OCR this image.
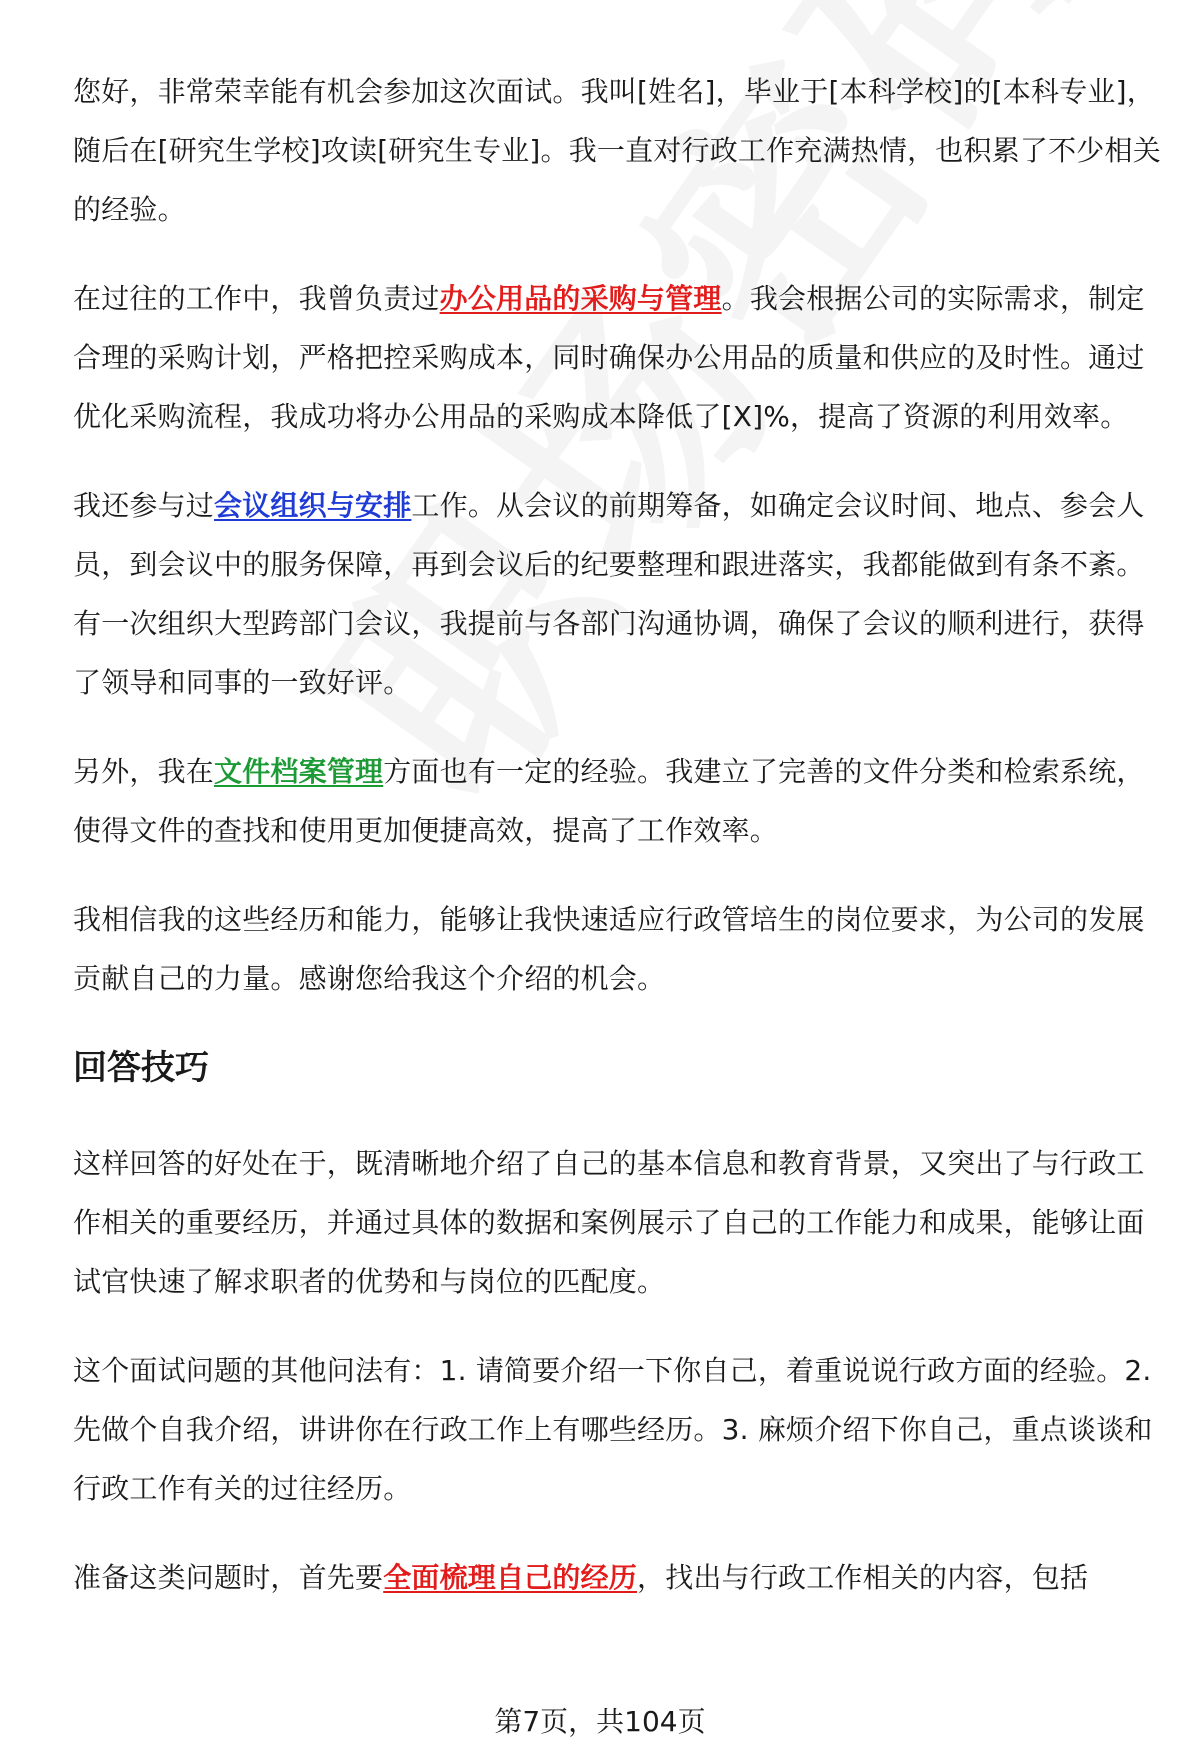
您好，非常荣幸能有机会参加这次面试。我叫[姓名]，毕业于[本科学校]的[本科专业]，随后在[研究生学校]攻读[研究生专业]。我一直对行政工作充满热情，也积累了不少相关的经验。

在过往的工作中，我曾负责过办公用品的采购与管理。我会根据公司的实际需求，制定合理的采购计划，严格把控采购成本，同时确保办公用品的质量和供应的及时性。通过优化采购流程，我成功将办公用品的采购成本降低了[X]%，提高了资源的利用效率。

我还参与过会议组织与安排工作。从会议的前期筹备，如确定会议时间、地点、参会人员，到会议中的服务保障，再到会议后的纪要整理和跟进落实，我都能做到有条不紊。有一次组织大型跨部门会议，我提前与各部门沟通协调，确保了会议的顺利进行，获得了领导和同事的一致好评。

另外，我在文件档案管理方面也有一定的经验。我建立了完善的文件分类和检索系统，使得文件的查找和使用更加便捷高效，提高了工作效率。

我相信我的这些经历和能力，能够让我快速适应行政管培生的岗位要求，为公司的发展贡献自己的力量。感谢您给我这个介绍的机会。

回答技巧

这样回答的好处在于，既清晰地介绍了自己的基本信息和教育背景，又突出了与行政工作相关的重要经历，并通过具体的数据和案例展示了自己的工作能力和成果，能够让面试官快速了解求职者的优势和与岗位的匹配度。

这个面试问题的其他问法有：1. 请简要介绍一下你自己，着重说说行政方面的经验。2. 先做个自我介绍，讲讲你在行政工作上有哪些经历。3. 麻烦介绍下你自己，重点谈谈和行政工作有关的过往经历。

准备这类问题时，首先要全面梳理自己的经历，找出与行政工作相关的内容，包括

第7页，共104页
